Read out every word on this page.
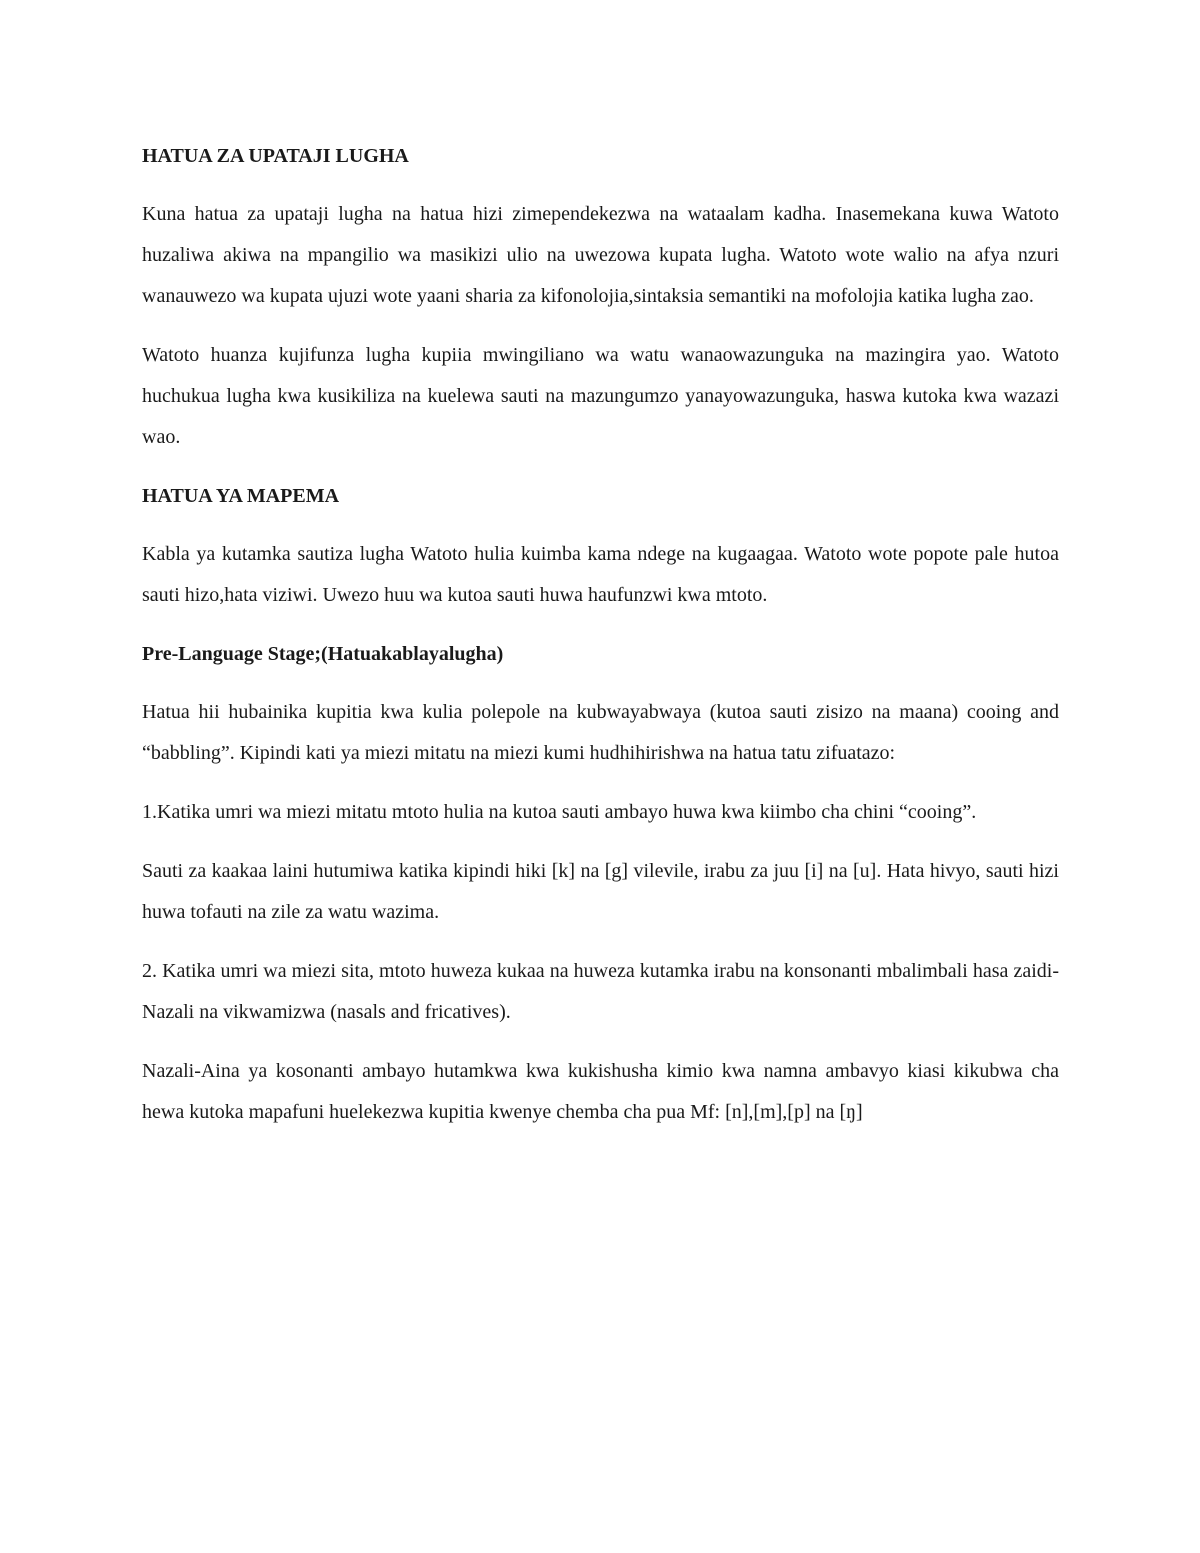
HATUA ZA UPATAJI LUGHA

Kuna hatua za upataji lugha na hatua hizi zimependekezwa na wataalam kadha. Inasemekana kuwa Watoto huzaliwa akiwa na mpangilio wa masikizi ulio na uwezowa kupata lugha. Watoto wote walio na afya nzuri wanauwezo wa kupata ujuzi wote yaani sharia za kifonolojia,sintaksia semantiki na mofolojia katika lugha zao.

Watoto huanza kujifunza lugha kupiia mwingiliano wa watu wanaowazunguka na mazingira yao. Watoto huchukua lugha kwa kusikiliza na kuelewa sauti na mazungumzo yanayowazunguka, haswa kutoka kwa wazazi wao.

HATUA YA MAPEMA

Kabla ya kutamka sautiza lugha Watoto hulia kuimba kama ndege na kugaagaa. Watoto wote popote pale hutoa sauti hizo,hata viziwi. Uwezo huu wa kutoa sauti huwa haufunzwi kwa mtoto.

Pre-Language Stage;(Hatuakablayalugha)

Hatua hii hubainika kupitia kwa kulia polepole na kubwayabwaya (kutoa sauti zisizo na maana) cooing and “babbling”. Kipindi kati ya miezi mitatu na miezi kumi hudhihirishwa na hatua tatu zifuatazo:

1.Katika umri wa miezi mitatu mtoto hulia na kutoa sauti ambayo huwa kwa kiimbo cha chini “cooing”.

Sauti za kaakaa laini hutumiwa katika kipindi hiki [k] na [g] vilevile, irabu za juu [i] na [u]. Hata hivyo, sauti hizi huwa tofauti na zile za watu wazima.

2. Katika umri wa miezi sita, mtoto huweza kukaa na huweza kutamka irabu na konsonanti mbalimbali hasa zaidi-Nazali na vikwamizwa (nasals and fricatives).

Nazali-Aina ya kosonanti ambayo hutamkwa kwa kukishusha kimio kwa namna ambavyo kiasi kikubwa cha hewa kutoka mapafuni huelekezwa kupitia kwenye chemba cha pua Mf: [n],[m],[p] na [ŋ]
